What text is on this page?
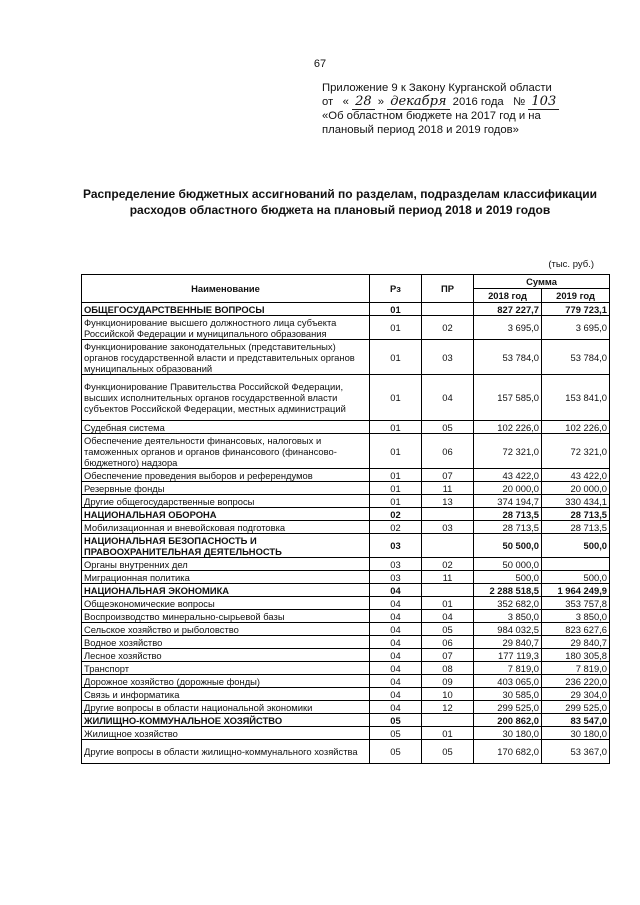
67
Приложение 9 к Закону Курганской области
от « 28 » декабря 2016 года № 103
«Об областном бюджете на 2017 год и на
плановый период 2018 и 2019 годов»
Распределение бюджетных ассигнований по разделам, подразделам классификации расходов областного бюджета на плановый период 2018 и 2019 годов
(тыс. руб.)
Наименование	Рз	ПР	Сумма	
			2018 год	2019 год
ОБЩЕГОСУДАРСТВЕННЫЕ ВОПРОСЫ	01		827 227,7	779 723,1
Функционирование высшего должностного лица субъекта Российской Федерации и муниципального образования	01	02	3 695,0	3 695,0
Функционирование законодательных (представительных) органов государственной власти и представительных органов муниципальных образований	01	03	53 784,0	53 784,0
Функционирование Правительства Российской Федерации, высших исполнительных органов государственной власти субъектов Российской Федерации, местных администраций	01	04	157 585,0	153 841,0
Судебная система	01	05	102 226,0	102 226,0
Обеспечение деятельности финансовых, налоговых и таможенных органов и органов финансового (финансово-бюджетного) надзора	01	06	72 321,0	72 321,0
Обеспечение проведения выборов и референдумов	01	07	43 422,0	43 422,0
Резервные фонды	01	11	20 000,0	20 000,0
Другие общегосударственные вопросы	01	13	374 194,7	330 434,1
НАЦИОНАЛЬНАЯ ОБОРОНА	02		28 713,5	28 713,5
Мобилизационная и вневойсковая подготовка	02	03	28 713,5	28 713,5
НАЦИОНАЛЬНАЯ БЕЗОПАСНОСТЬ И ПРАВООХРАНИТЕЛЬНАЯ ДЕЯТЕЛЬНОСТЬ	03		50 500,0	500,0
Органы внутренних дел	03	02	50 000,0	
Миграционная политика	03	11	500,0	500,0
НАЦИОНАЛЬНАЯ ЭКОНОМИКА	04		2 288 518,5	1 964 249,9
Общеэкономические вопросы	04	01	352 682,0	353 757,8
Воспроизводство минерально-сырьевой базы	04	04	3 850,0	3 850,0
Сельское хозяйство и рыболовство	04	05	984 032,5	823 627,6
Водное хозяйство	04	06	29 840,7	29 840,7
Лесное хозяйство	04	07	177 119,3	180 305,8
Транспорт	04	08	7 819,0	7 819,0
Дорожное хозяйство (дорожные фонды)	04	09	403 065,0	236 220,0
Связь и информатика	04	10	30 585,0	29 304,0
Другие вопросы в области национальной экономики	04	12	299 525,0	299 525,0
ЖИЛИЩНО-КОММУНАЛЬНОЕ ХОЗЯЙСТВО	05		200 862,0	83 547,0
Жилищное хозяйство	05	01	30 180,0	30 180,0
Другие вопросы в области жилищно-коммунального хозяйства	05	05	170 682,0	53 367,0
